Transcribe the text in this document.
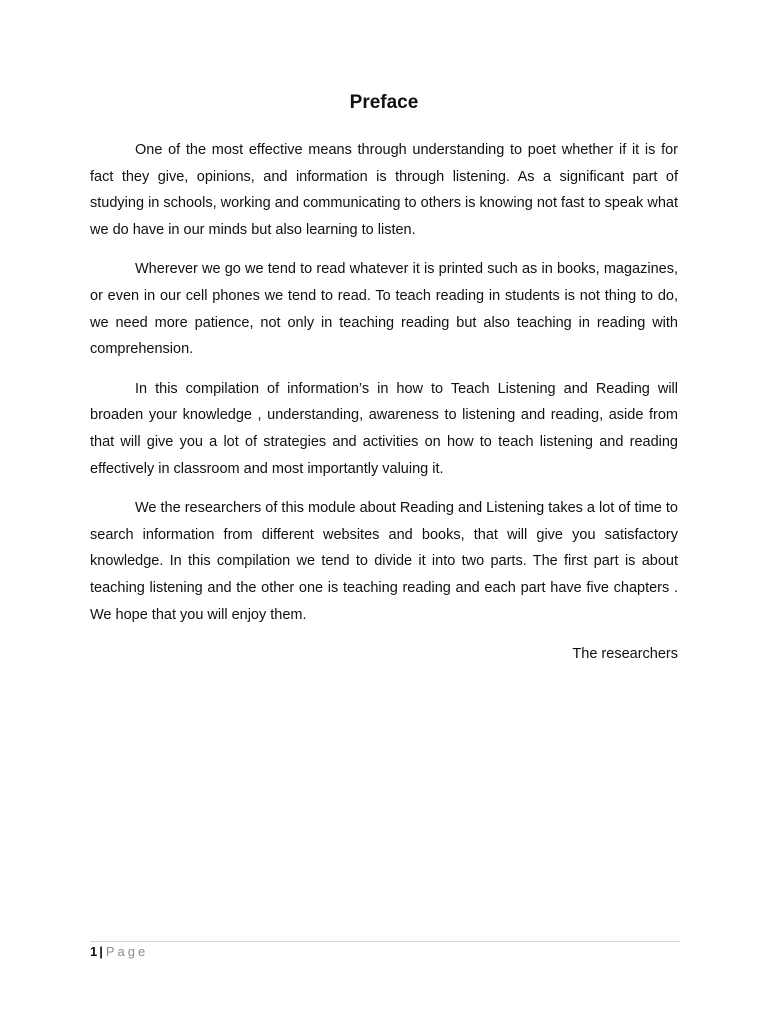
Preface

One of the most effective means through understanding to poet whether if it is for fact they give, opinions, and information is through listening. As a significant part of studying in schools, working and communicating to others is knowing not fast to speak what we do have in our minds but also learning to listen.

Wherever we go we tend to read whatever it is printed such as in books, magazines, or even in our cell phones we tend to read. To teach reading in students is not thing to do, we need more patience, not only in teaching reading but also teaching in reading with comprehension.

In this compilation of information’s in how to Teach Listening and Reading will broaden your knowledge , understanding, awareness to listening and reading, aside from that will give you a lot of strategies and activities on how to teach listening and reading effectively in classroom and most importantly valuing it.

We the researchers of this module about Reading and Listening takes a lot of time to search information from different websites and books, that will give you satisfactory knowledge. In this compilation we tend to divide it into two parts. The first part is about teaching listening and the other one is teaching reading and each part have five chapters . We hope that you will enjoy them.

The researchers

1 | Page
